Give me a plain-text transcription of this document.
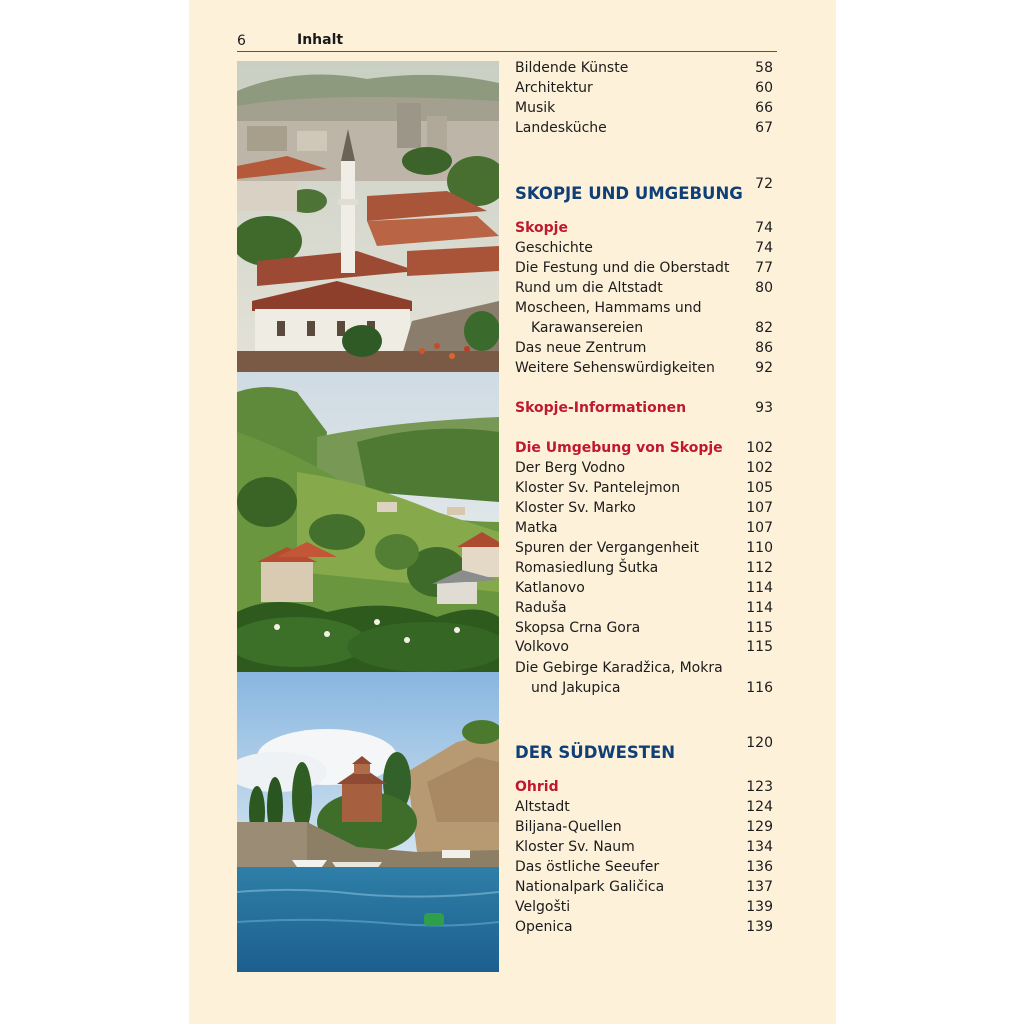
6	Inhalt
Bildende Künste	58
Architektur	60
Musik	66
Landesküche	67
SKOPJE UND UMGEBUNG 72
Skopje	74
Geschichte	74
Die Festung und die Oberstadt 77
Rund um die Altstadt	80
Moscheen, Hammams und
Karawansereien	82
Das neue Zentrum	86
Weitere Sehenswürdigkeiten	92
Skopje-Informationen	93
Die Umgebung von Skopje 102
Der Berg Vodno	102
Kloster Sv. Pantelejmon	105
Kloster Sv. Marko	107
Matka	107
Spuren der Vergangenheit	110
Romasiedlung Šutka	112
Katlanovo	114
Raduša	114
Skopsa Crna Gora	115
Volkovo	115
Die Gebirge Karadžica, Mokra
und Jakupica	116
DER SÜDWESTEN	120
Ohrid	123
Altstadt	124
Biljana-Quellen	129
Kloster Sv. Naum	134
Das östliche Seeufer	136
Nationalpark Galičica	137
Velgošti	139
Openica	139
